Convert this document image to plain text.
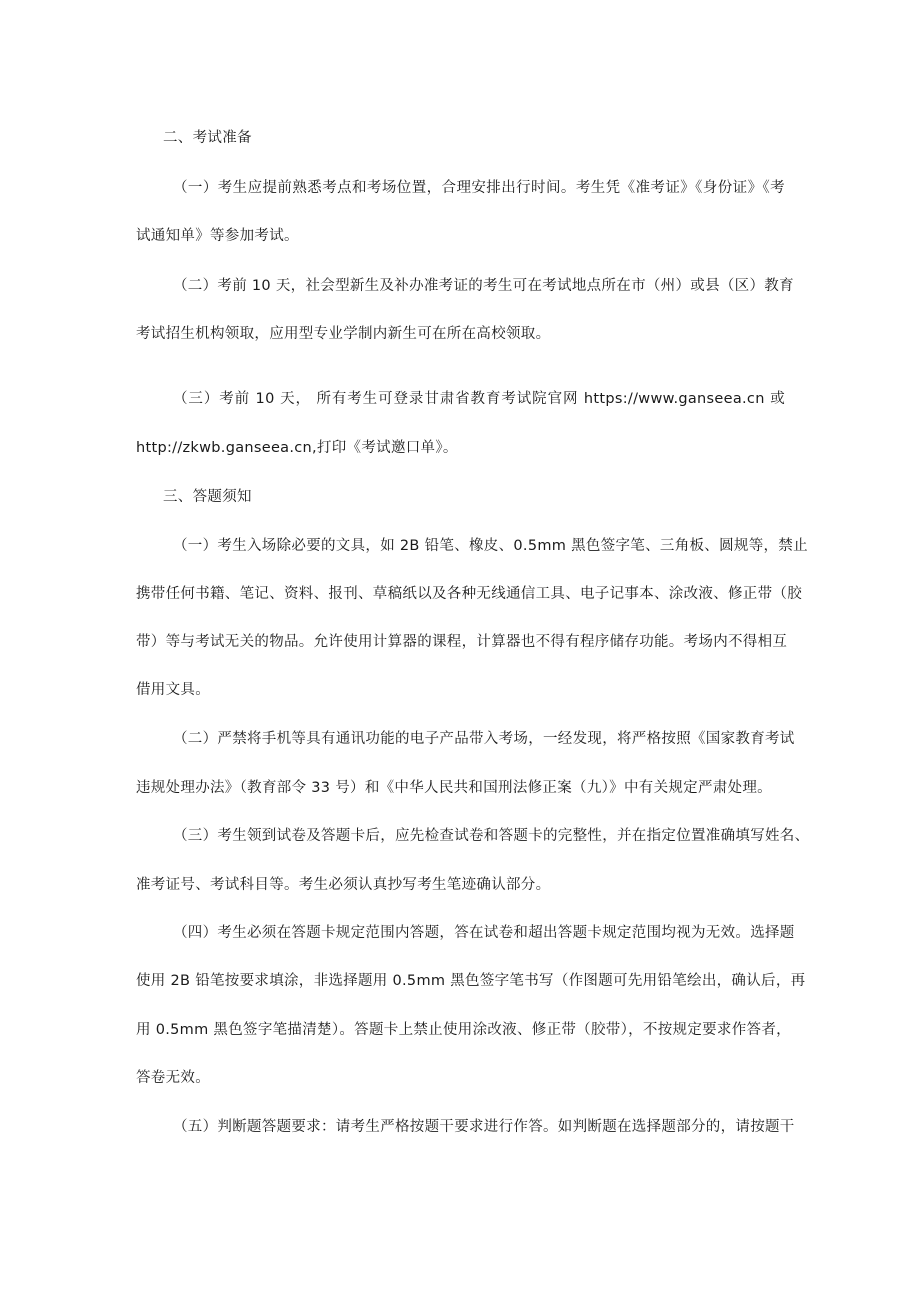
二、考试准备
（一）考生应提前熟悉考点和考场位置，合理安排出行时间。考生凭《准考证》《身份证》《考
试通知单》等参加考试。
（二）考前 10 天，社会型新生及补办准考证的考生可在考试地点所在市（州）或县（区）教育
考试招生机构领取，应用型专业学制内新生可在所在高校领取。
（三）考前 10 天， 所有考生可登录甘肃省教育考试院官网 https://www.ganseea.cn 或
http://zkwb.ganseea.cn,打印《考试邀口单》。
三、答题须知
（一）考生入场除必要的文具，如 2B 铅笔、橡皮、0.5mm 黑色签字笔、三角板、圆规等，禁止
携带任何书籍、笔记、资料、报刊、草稿纸以及各种无线通信工具、电子记事本、涂改液、修正带（胶
带）等与考试无关的物品。允许使用计算器的课程，计算器也不得有程序储存功能。考场内不得相互
借用文具。
（二）严禁将手机等具有通讯功能的电子产品带入考场，一经发现，将严格按照《国家教育考试
违规处理办法》（教育部令 33 号）和《中华人民共和国刑法修正案（九）》中有关规定严肃处理。
（三）考生领到试卷及答题卡后，应先检查试卷和答题卡的完整性，并在指定位置准确填写姓名、
准考证号、考试科目等。考生必须认真抄写考生笔迹确认部分。
（四）考生必须在答题卡规定范围内答题，答在试卷和超出答题卡规定范围均视为无效。选择题
使用 2B 铅笔按要求填涂，非选择题用 0.5mm 黑色签字笔书写（作图题可先用铅笔绘出，确认后，再
用 0.5mm 黑色签字笔描清楚）。答题卡上禁止使用涂改液、修正带（胶带），不按规定要求作答者，
答卷无效。
（五）判断题答题要求：请考生严格按题干要求进行作答。如判断题在选择题部分的，请按题干
